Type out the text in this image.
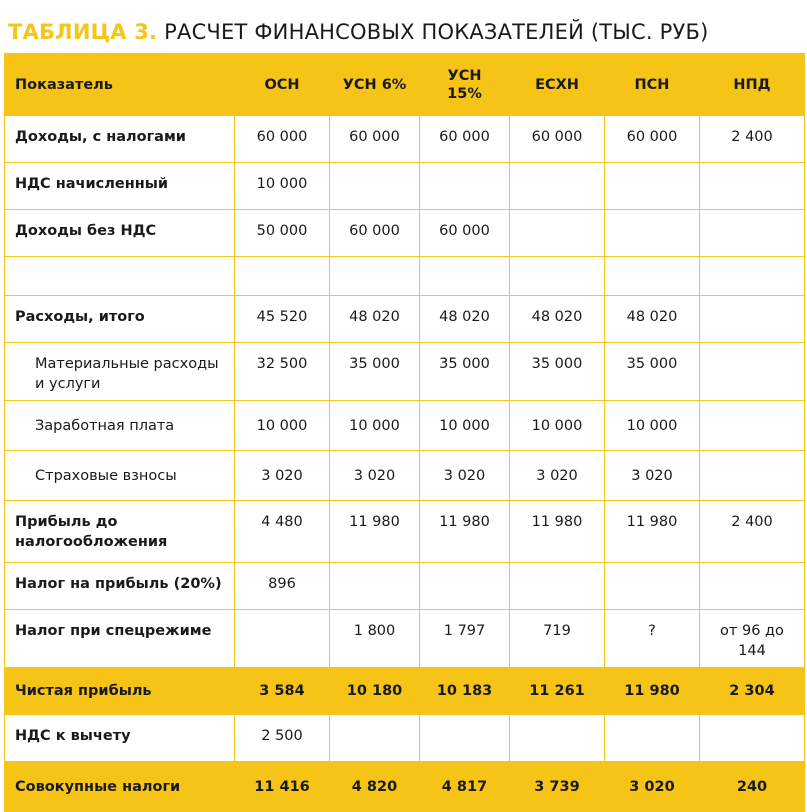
ТАБЛИЦА 3. РАСЧЕТ ФИНАНСОВЫХ ПОКАЗАТЕЛЕЙ (ТЫС. РУБ)
Показатель	ОСН	УСН 6%	УСН 15%	ЕСХН	ПСН	НПД
Доходы, с налогами	60 000	60 000	60 000	60 000	60 000	2 400
НДС начисленный	10 000					
Доходы без НДС	50 000	60 000	60 000			

Расходы, итого	45 520	48 020	48 020	48 020	48 020	
Материальные расходы и услуги	32 500	35 000	35 000	35 000	35 000	
Заработная плата	10 000	10 000	10 000	10 000	10 000	
Страховые взносы	3 020	3 020	3 020	3 020	3 020	
Прибыль до налогообложения	4 480	11 980	11 980	11 980	11 980	2 400
Налог на прибыль (20%)	896					
Налог при спецрежиме		1 800	1 797	719	?	от 96 до 144
Чистая прибыль	3 584	10 180	10 183	11 261	11 980	2 304
НДС к вычету	2 500					
Совокупные налоги	11 416	4 820	4 817	3 739	3 020	240
